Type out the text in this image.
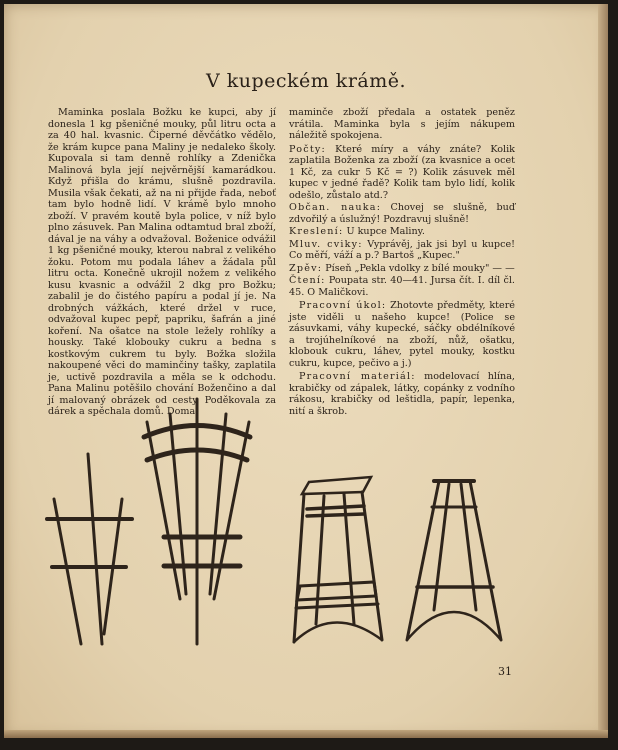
V kupeckém krámě.

Maminka poslala Božku ke kupci, aby jí donesla 1 kg pšeničné mouky, půl litru octa a za 40 hal. kvasnic. Čiperné děvčátko vědělo, že krám kupce pana Maliny je nedaleko školy. Kupovala si tam denně rohlíky a Zdenička Malinová byla její nejvěrnější kamarádkou. Když přišla do krámu, slušně pozdravila. Musila však čekati, až na ni přijde řada, neboť tam bylo hodně lidí. V krámě bylo mnoho zboží. V pravém koutě byla police, v níž bylo plno zásuvek. Pan Malina odtamtud bral zboží, dával je na váhy a odvažoval. Boženice odvážil 1 kg pšeničné mouky, kterou nabral z velikého žoku. Potom mu podala láhev a žádala půl litru octa. Konečně ukrojil nožem z velikého kusu kvasnic a odvážil 2 dkg pro Božku; zabalil je do čistého papíru a podal jí je. Na drobných vážkách, které držel v ruce, odvažoval kupec pepř, papriku, šafrán a jiné koření. Na ošatce na stole ležely rohlíky a housky. Také klobouky cukru a bedna s kostkovým cukrem tu byly. Božka složila nakoupené věci do maminčiny tašky, zaplatila je, uctivě pozdravila a měla se k odchodu. Pana Malinu potěšilo chování Boženčino a dal jí malovaný obrázek od cesty. Poděkovala za dárek a spěchala domů. Doma

maminče zboží předala a ostatek peněz vrátila. Maminka byla s jejím nákupem náležitě spokojena.
Počty: Které míry a váhy znáte? Kolik zaplatila Boženka za zboží (za kvasnice a ocet 1 Kč, za cukr 5 Kč = ?) Kolik zásuvek měl kupec v jedné řadě? Kolik tam bylo lidí, kolik odešlo, zůstalo atd.?
Občan. nauka: Chovej se slušně, buď zdvořilý a úslužný! Pozdravuj slušně!
Kreslení: U kupce Maliny.
Mluv. cviky: Vyprávěj, jak jsi byl u kupce! Co měří, váží a p.? Bartoš „Kupec."
Zpěv: Píseň „Pekla vdolky z bílé mouky" — —
Čtení: Poupata str. 40—41. Jursa čít. I. díl čl. 45. O Maličkovi.
Pracovní úkol: Zhotovte předměty, které jste viděli u našeho kupce! (Police se zásuvkami, váhy kupecké, sáčky obdélníkové a trojúhelníkové na zboží, nůž, ošatku, klobouk cukru, láhev, pytel mouky, kostku cukru, kupce, pečivo a j.)
Pracovní materiál: modelovací hlína, krabičky od zápalek, látky, copánky z vodního rákosu, krabičky od leštidla, papír, lepenka, nití a škrob.
31
